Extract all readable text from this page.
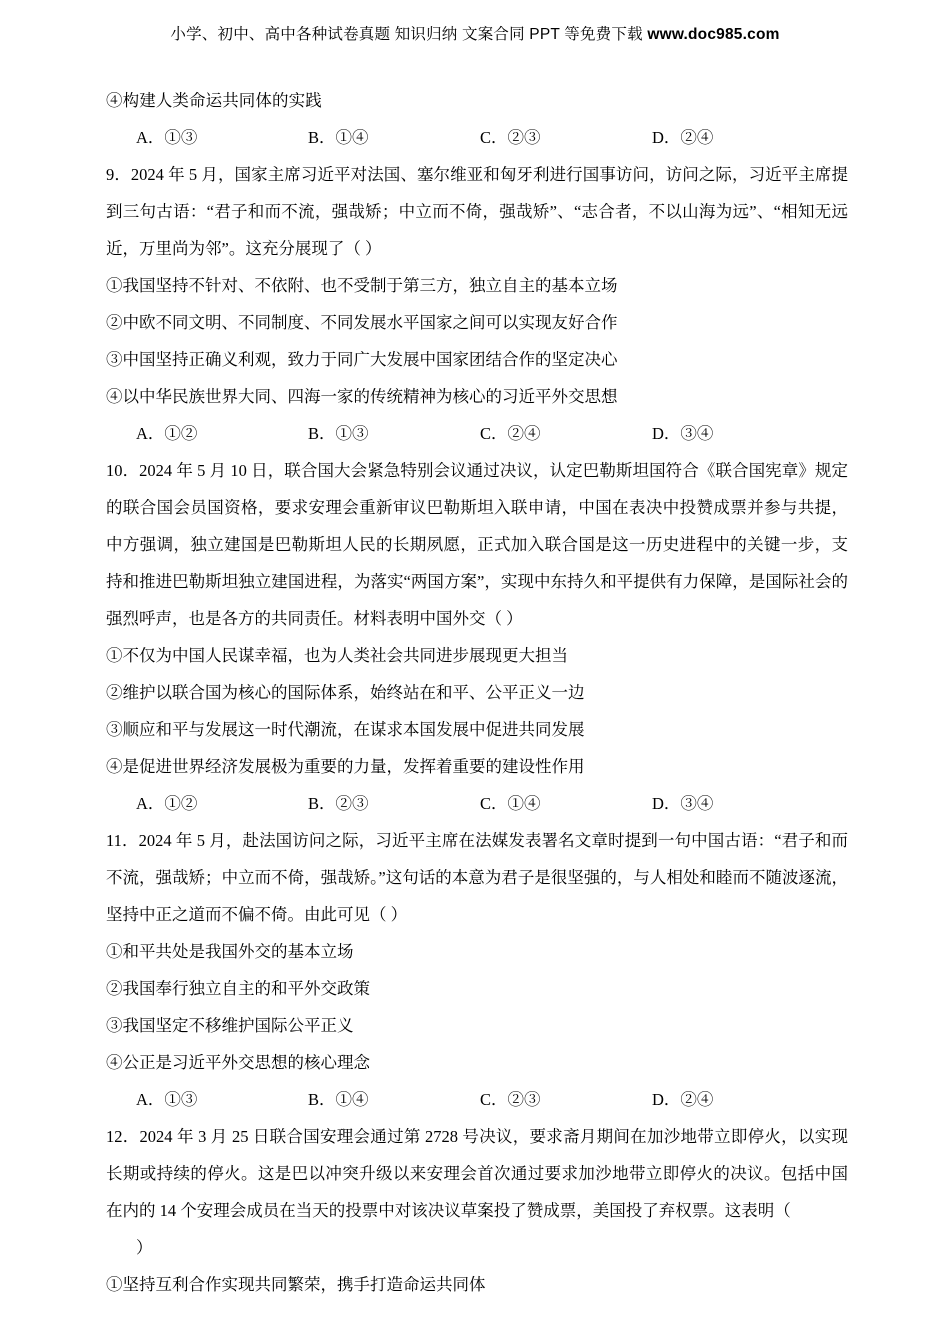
小学、初中、高中各种试卷真题 知识归纳 文案合同 PPT 等免费下载 www.doc985.com
④构建人类命运共同体的实践
A．①③	B．①④	C．②③	D．②④

9．2024 年 5 月，国家主席习近平对法国、塞尔维亚和匈牙利进行国事访问，访问之际，习近平主席提到三句古语：“君子和而不流，强哉矫；中立而不倚，强哉矫”、“志合者，不以山海为远”、“相知无远近，万里尚为邻”。这充分展现了（ ）

①我国坚持不针对、不依附、也不受制于第三方，独立自主的基本立场
②中欧不同文明、不同制度、不同发展水平国家之间可以实现友好合作
③中国坚持正确义利观，致力于同广大发展中国家团结合作的坚定决心
④以中华民族世界大同、四海一家的传统精神为核心的习近平外交思想
A．①②	B．①③	C．②④	D．③④

10．2024 年 5 月 10 日，联合国大会紧急特别会议通过决议，认定巴勒斯坦国符合《联合国宪章》规定的联合国会员国资格，要求安理会重新审议巴勒斯坦入联申请，中国在表决中投赞成票并参与共提，中方强调，独立建国是巴勒斯坦人民的长期夙愿，正式加入联合国是这一历史进程中的关键一步，支持和推进巴勒斯坦独立建国进程，为落实“两国方案”，实现中东持久和平提供有力保障，是国际社会的强烈呼声，也是各方的共同责任。材料表明中国外交（ ）

①不仅为中国人民谋幸福，也为人类社会共同进步展现更大担当
②维护以联合国为核心的国际体系，始终站在和平、公平正义一边
③顺应和平与发展这一时代潮流，在谋求本国发展中促进共同发展
④是促进世界经济发展极为重要的力量，发挥着重要的建设性作用
A．①②	B．②③	C．①④	D．③④

11．2024 年 5 月，赴法国访问之际，习近平主席在法媒发表署名文章时提到一句中国古语：“君子和而不流，强哉矫；中立而不倚，强哉矫。”这句话的本意为君子是很坚强的，与人相处和睦而不随波逐流，坚持中正之道而不偏不倚。由此可见（ ）

①和平共处是我国外交的基本立场
②我国奉行独立自主的和平外交政策
③我国坚定不移维护国际公平正义
④公正是习近平外交思想的核心理念
A．①③	B．①④	C．②③	D．②④

12．2024 年 3 月 25 日联合国安理会通过第 2728 号决议，要求斋月期间在加沙地带立即停火，以实现长期或持续的停火。这是巴以冲突升级以来安理会首次通过要求加沙地带立即停火的决议。包括中国在内的 14 个安理会成员在当天的投票中对该决议草案投了赞成票，美国投了弃权票。这表明（

）
①坚持互利合作实现共同繁荣，携手打造命运共同体
